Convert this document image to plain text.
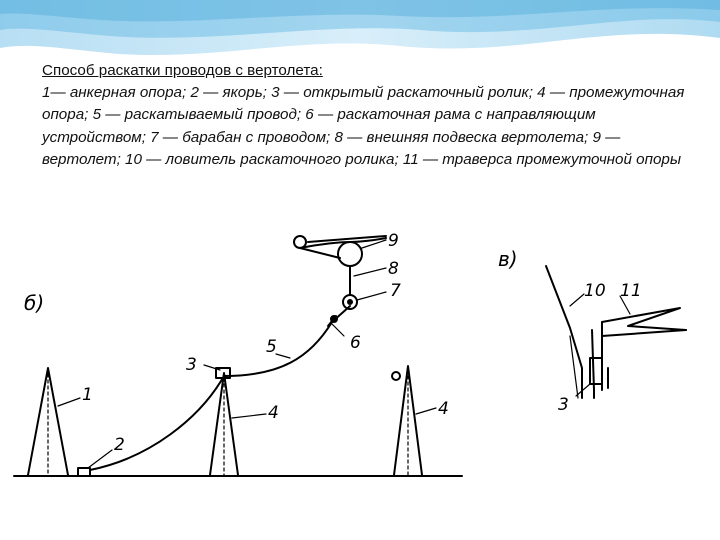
Способ раскатки проводов с вертолета:
1— анкерная опора; 2 — якорь; 3 — открытый раскаточный ролик; 4 — промежуточная опора; 5 — раскатываемый провод; 6 — раскаточная рама с направляющим устройством; 7 — барабан с проводом; 8 — внешняя подвеска вертолета; 9 — вертолет; 10 — ловитель раскаточного ролика; 11 — траверса промежуточной опоры
б)
в)
1
2
3
4
5	6
7
8
9
4
10 11
3
